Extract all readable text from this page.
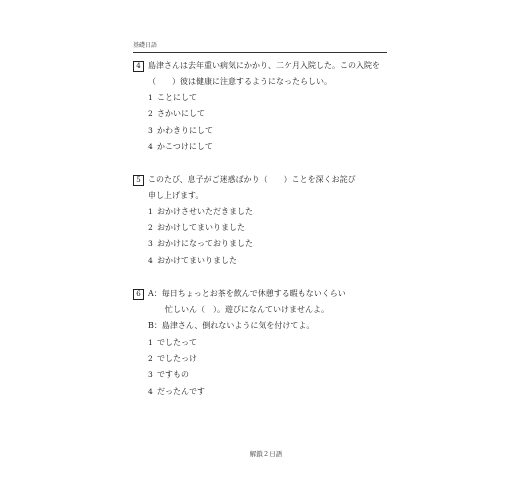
基礎日語
4 島津さんは去年重い病気にかかり、二ケ月入院した。この入院を
（　　）彼は健康に注意するようになったらしい。
1 ことにして
2 さかいにして
3 かわきりにして
4 かこつけにして
5 このたび、息子がご迷惑ばかり（　　）ことを深くお詫び
申し上げます。
1 おかけさせいただきました
2 おかけしてまいりました
3 おかけになっておりました
4 おかけてまいりました
6 A：毎日ちょっとお茶を飲んで休憩する暇もないくらい
忙しいん（　）。遊びになんていけませんよ。
B：島津さん、倒れないように気を付けてよ。
1 でしたって
2 でしたっけ
3 ですもの
4 だったんです
解鎖２日語
